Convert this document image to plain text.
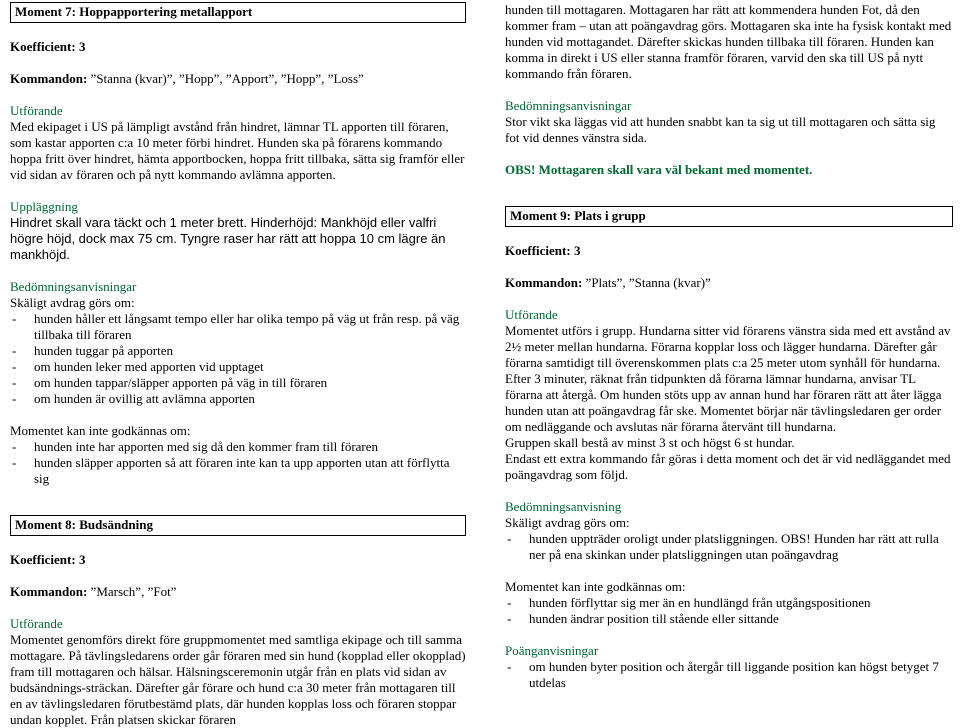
Moment 7: Hoppapportering metallapport

Koefficient: 3

Kommandon: ”Stanna (kvar)”, ”Hopp”, ”Apport”, ”Hopp”, ”Loss”

Utförande

Med ekipaget i US på lämpligt avstånd från hindret, lämnar TL apporten till föraren, som kastar apporten c:a 10 meter förbi hindret. Hunden ska på förarens kommando hoppa fritt över hindret, hämta apportbocken, hoppa fritt tillbaka, sätta sig framför eller vid sidan av föraren och på nytt kommando avlämna apporten.

Uppläggning

Hindret skall vara täckt och 1 meter brett. Hinderhöjd: Mankhöjd eller valfri högre höjd, dock max 75 cm. Tyngre raser har rätt att hoppa 10 cm lägre än mankhöjd.

Bedömningsanvisningar

Skäligt avdrag görs om:

- hunden håller ett långsamt tempo eller har olika tempo på väg ut från resp. på väg tillbaka till föraren
- hunden tuggar på apporten
- om hunden leker med apporten vid upptaget
- om hunden tappar/släpper apporten på väg in till föraren
- om hunden är ovillig att avlämna apporten

Momentet kan inte godkännas om:

- hunden inte har apporten med sig då den kommer fram till föraren
- hunden släpper apporten så att föraren inte kan ta upp apporten utan att förflytta sig
Moment 8: Budsändning

Koefficient: 3

Kommandon: ”Marsch”, ”Fot”

Utförande

Momentet genomförs direkt före gruppmomentet med samtliga ekipage och till samma mottagare. På tävlingsledarens order går föraren med sin hund (kopplad eller okopplad) fram till mottagaren och hälsar. Hälsningsceremonin utgår från en plats vid sidan av budsändnings-sträckan. Därefter går förare och hund c:a 30 meter från mottagaren till en av tävlingsledaren förutbestämd plats, där hunden kopplas loss och föraren stoppar undan kopplet. Från platsen skickar föraren

hunden till mottagaren. Mottagaren har rätt att kommendera hunden Fot, då den kommer fram – utan att poängavdrag görs. Mottagaren ska inte ha fysisk kontakt med hunden vid mottagandet. Därefter skickas hunden tillbaka till föraren. Hunden kan komma in direkt i US eller stanna framför föraren, varvid den ska till US på nytt kommando från föraren.

Bedömningsanvisningar

Stor vikt ska läggas vid att hunden snabbt kan ta sig ut till mottagaren och sätta sig fot vid dennes vänstra sida.

OBS! Mottagaren skall vara väl bekant med momentet.

Moment 9: Plats i grupp

Koefficient: 3

Kommandon: ”Plats”, ”Stanna (kvar)”

Utförande

Momentet utförs i grupp. Hundarna sitter vid förarens vänstra sida med ett avstånd av 2½ meter mellan hundarna. Förarna kopplar loss och lägger hundarna. Därefter går förarna samtidigt till överenskommen plats c:a 25 meter utom synhåll för hundarna.

Efter 3 minuter, räknat från tidpunkten då förarna lämnar hundarna, anvisar TL förarna att återgå. Om hunden stöts upp av annan hund har föraren rätt att åter lägga hunden utan att poängavdrag får ske. Momentet börjar när tävlingsledaren ger order om nedläggande och avslutas när förarna återvänt till hundarna.

Gruppen skall bestå av minst 3 st och högst 6 st hundar.

Endast ett extra kommando får göras i detta moment och det är vid nedläggandet med poängavdrag som följd.

Bedömningsanvisning

Skäligt avdrag görs om:

- hunden uppträder oroligt under platsliggningen. OBS! Hunden har rätt att rulla ner på ena skinkan under platsliggningen utan poängavdrag

Momentet kan inte godkännas om:

- hunden förflyttar sig mer än en hundlängd från utgångspositionen
- hunden ändrar position till stående eller sittande

Poänganvisningar

- om hunden byter position och återgår till liggande position kan högst betyget 7 utdelas
